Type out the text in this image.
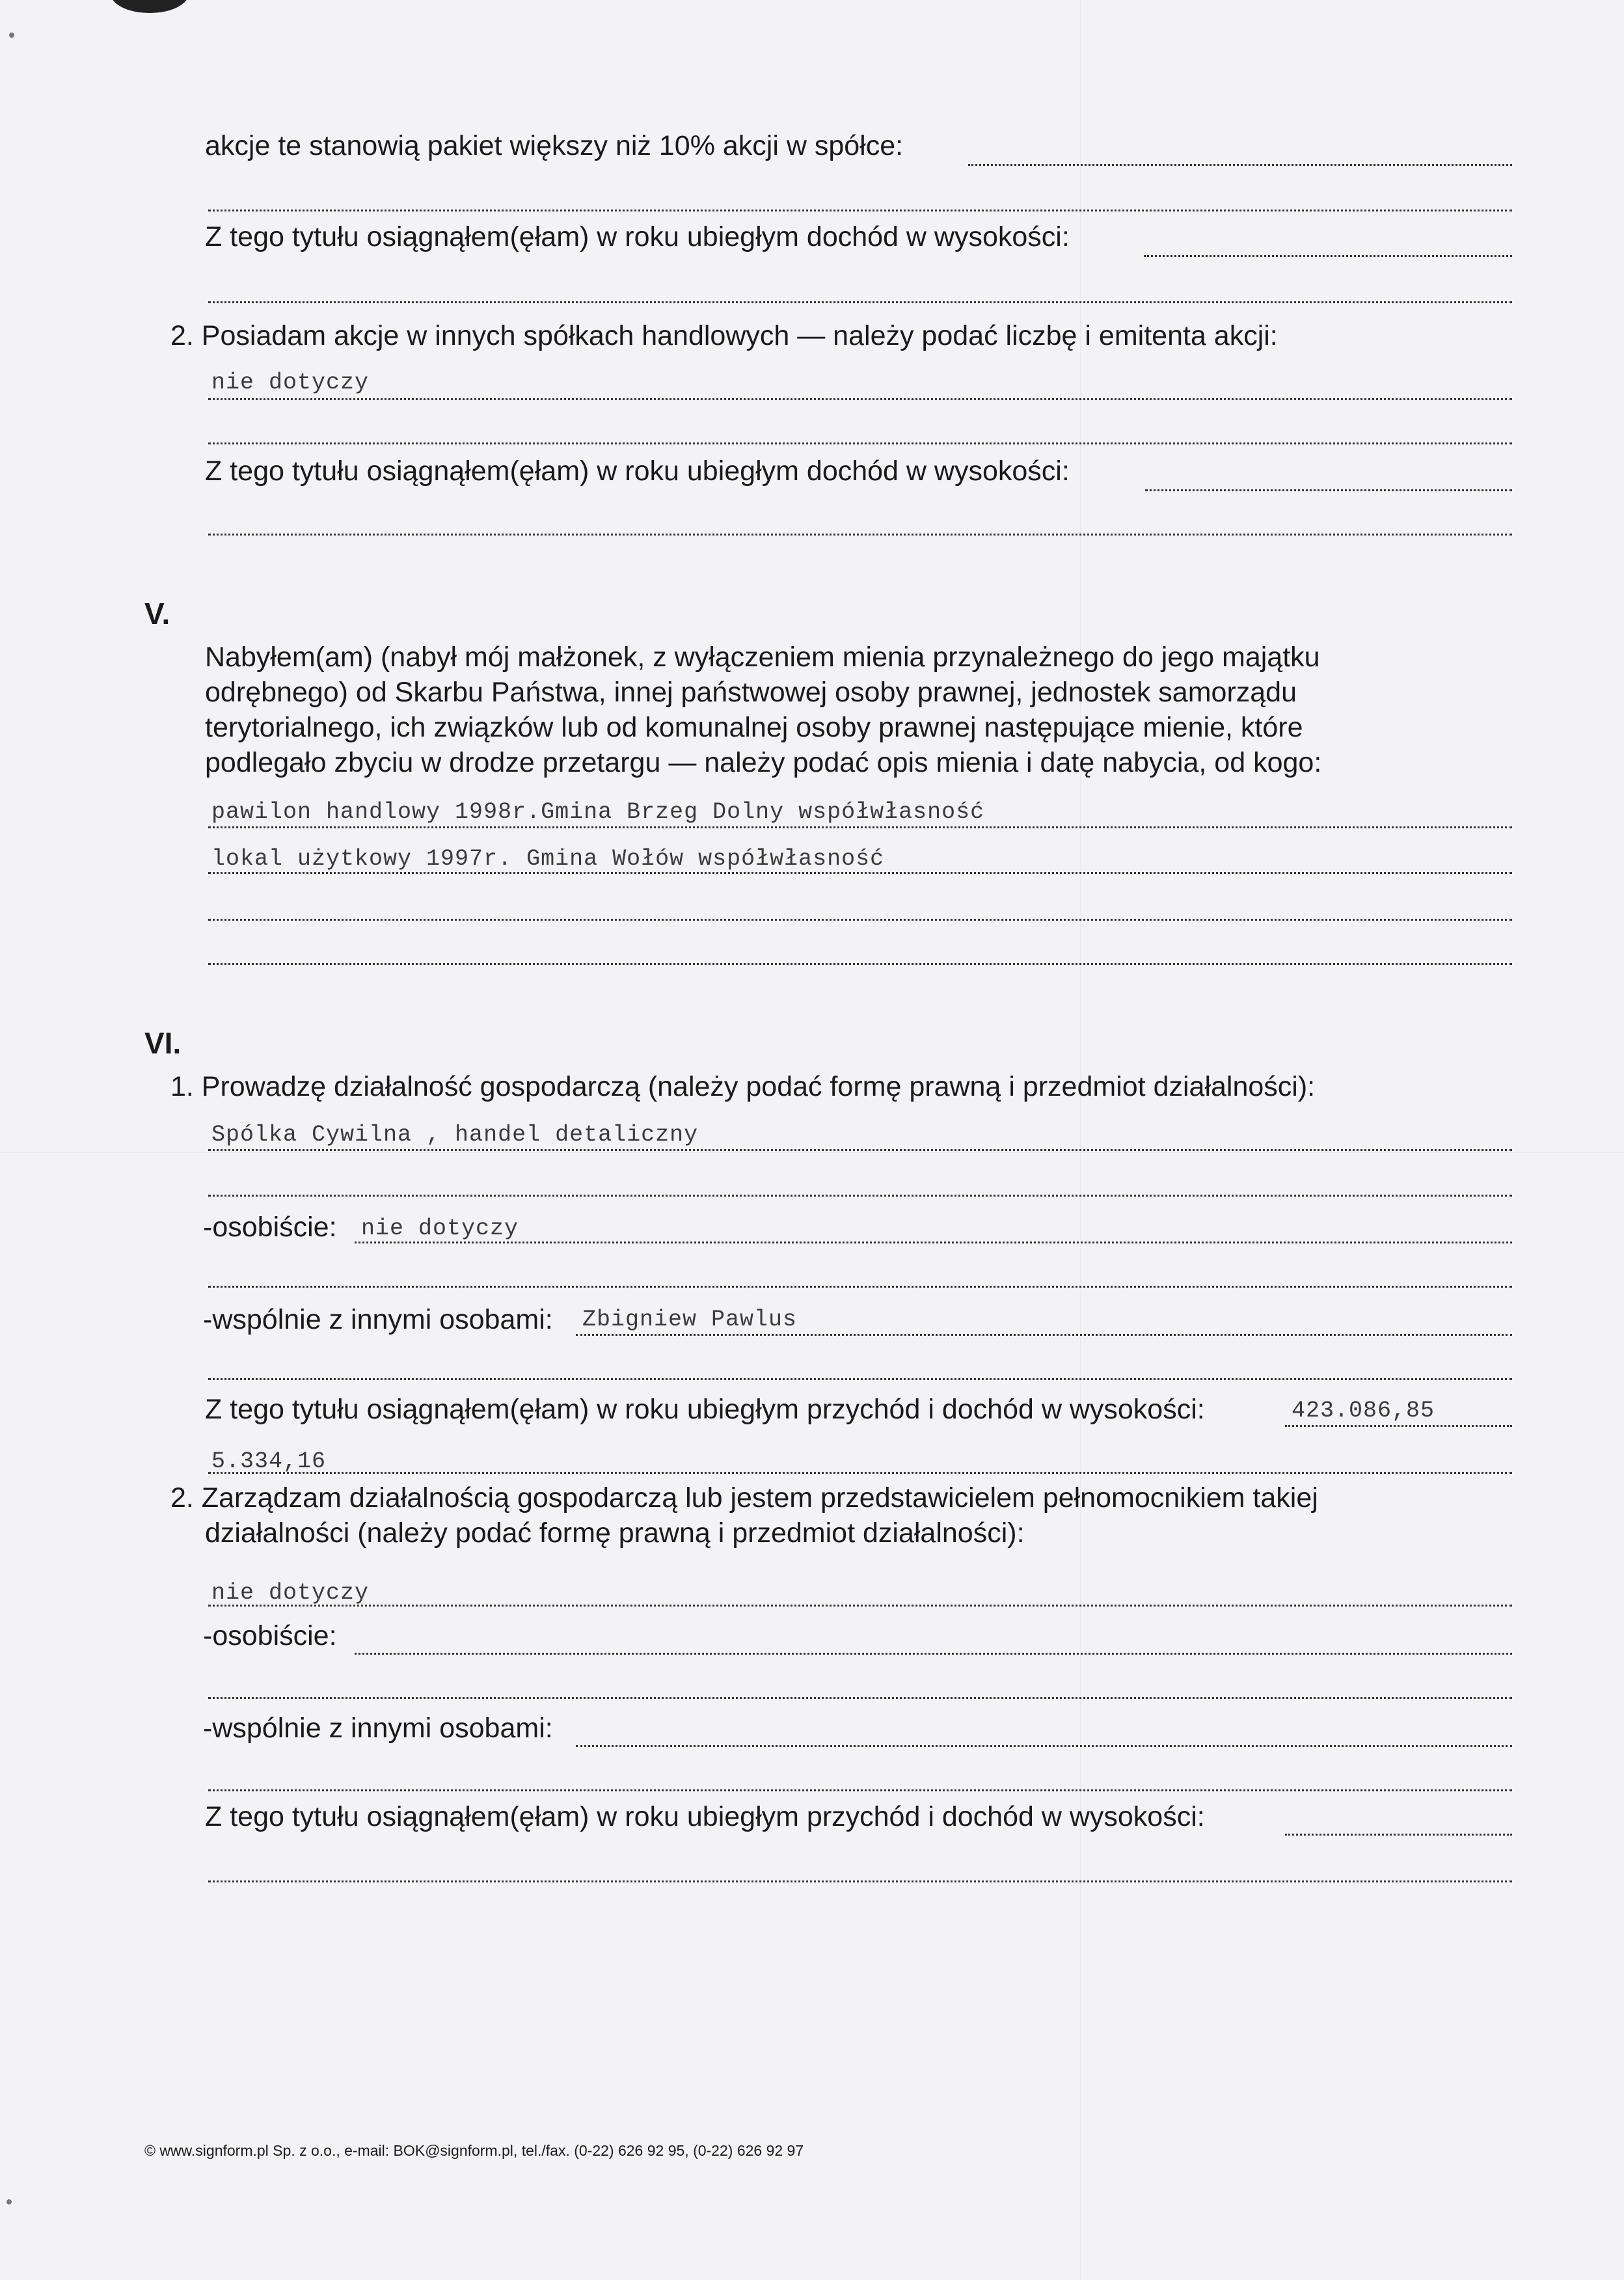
akcje te stanowią pakiet większy niż 10% akcji w spółce:
Z tego tytułu osiągnąłem(ęłam) w roku ubiegłym dochód w wysokości:
2. Posiadam akcje w innych spółkach handlowych — należy podać liczbę i emitenta akcji:
nie dotyczy
Z tego tytułu osiągnąłem(ęłam) w roku ubiegłym dochód w wysokości:
V.
Nabyłem(am) (nabył mój małżonek, z wyłączeniem mienia przynależnego do jego majątku
odrębnego) od Skarbu Państwa, innej państwowej osoby prawnej, jednostek samorządu
terytorialnego, ich związków lub od komunalnej osoby prawnej następujące mienie, które
podlegało zbyciu w drodze przetargu — należy podać opis mienia i datę nabycia, od kogo:
pawilon handlowy 1998r.Gmina Brzeg Dolny współwłasność
lokal użytkowy 1997r. Gmina Wołów współwłasność
VI.
1. Prowadzę działalność gospodarczą (należy podać formę prawną i przedmiot działalności):
Spólka Cywilna , handel detaliczny
-osobiście: nie dotyczy
-wspólnie z innymi osobami: Zbigniew Pawlus
Z tego tytułu osiągnąłem(ęłam) w roku ubiegłym przychód i dochód w wysokości:	423.086,85
5.334,16
2. Zarządzam działalnością gospodarczą lub jestem przedstawicielem pełnomocnikiem takiej
działalności (należy podać formę prawną i przedmiot działalności):
nie dotyczy
-osobiście:
-wspólnie z innymi osobami:
Z tego tytułu osiągnąłem(ęłam) w roku ubiegłym przychód i dochód w wysokości:
© www.signform.pl Sp. z o.o., e-mail: BOK@signform.pl, tel./fax. (0-22) 626 92 95, (0-22) 626 92 97
